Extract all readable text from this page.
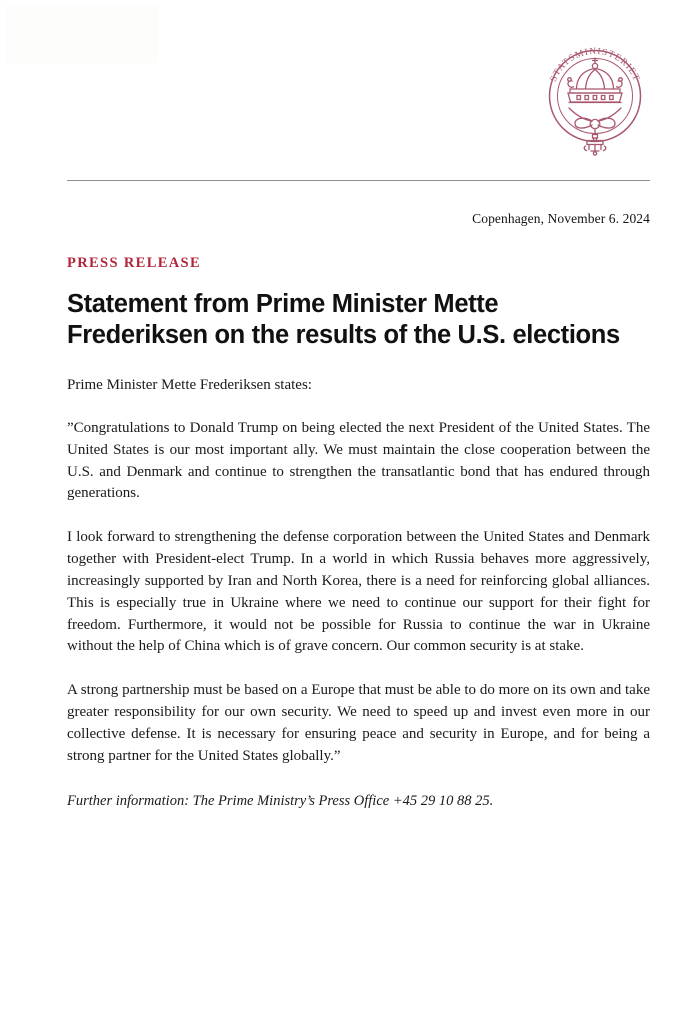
STATSMINISTERIET
Copenhagen, November 6. 2024
PRESS RELEASE
Statement from Prime Minister Mette Frederiksen on the results of the U.S. elections

Prime Minister Mette Frederiksen states:

”Congratulations to Donald Trump on being elected the next President of the United States. The United States is our most important ally. We must maintain the close cooperation between the U.S. and Denmark and continue to strengthen the transatlantic bond that has endured through generations.

I look forward to strengthening the defense corporation between the United States and Denmark together with President-elect Trump. In a world in which Russia behaves more aggressively, increasingly supported by Iran and North Korea, there is a need for reinforcing global alliances. This is especially true in Ukraine where we need to continue our support for their fight for freedom. Furthermore, it would not be possible for Russia to continue the war in Ukraine without the help of China which is of grave concern. Our common security is at stake.

A strong partnership must be based on a Europe that must be able to do more on its own and take greater responsibility for our own security. We need to speed up and invest even more in our collective defense. It is necessary for ensuring peace and security in Europe, and for being a strong partner for the United States globally.”

Further information: The Prime Ministry’s Press Office +45 29 10 88 25.
